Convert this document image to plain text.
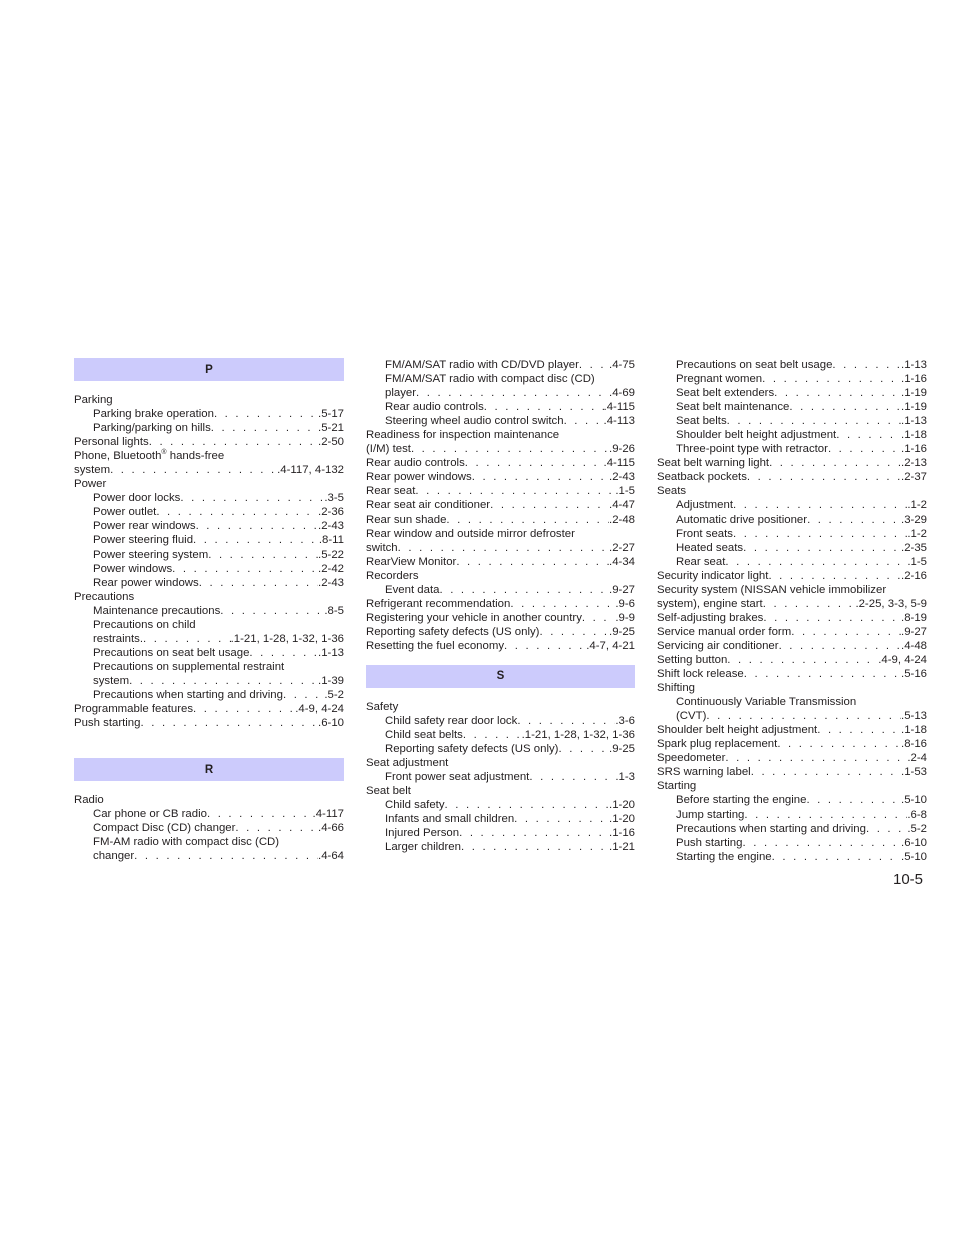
P
Parking
Parking brake operation . . .	.5-17
Parking/parking on hills . . .	.5-21
Personal lights . . .	.2-50
Phone, Bluetooth® hands-free
system . . .	.4-117, 4-132
Power
Power door locks . . .	.3-5
Power outlet . . .	.2-36
Power rear windows . . .	.2-43
Power steering fluid . . .	.8-11
Power steering system . . .	.5-22
Power windows . . .	.2-42
Rear power windows . . .	.2-43
Precautions
Maintenance precautions . . .	.8-5
Precautions on child
restraints. . . .	.1-21, 1-28, 1-32, 1-36
Precautions on seat belt usage . . .	.1-13
Precautions on supplemental restraint
system . . .	.1-39
Precautions when starting and driving . . .	.5-2
Programmable features . . .	.4-9, 4-24
Push starting . . .	.6-10
R
Radio
Car phone or CB radio . . .	.4-117
Compact Disc (CD) changer . . .	.4-66
FM-AM radio with compact disc (CD)
changer . . .	.4-64
FM/AM/SAT radio with CD/DVD player . . .	.4-75
FM/AM/SAT radio with compact disc (CD)
player . . .	.4-69
Rear audio controls . . .	.4-115
Steering wheel audio control switch . . .	.4-113
Readiness for inspection maintenance
(I/M) test . . .	.9-26
Rear audio controls . . .	.4-115
Rear power windows . . .	.2-43
Rear seat . . .	.1-5
Rear seat air conditioner . . .	.4-47
Rear sun shade . . .	.2-48
Rear window and outside mirror defroster
switch . . .	.2-27
RearView Monitor . . .	.4-34
Recorders
Event data . . .	.9-27
Refrigerant recommendation . . .	.9-6
Registering your vehicle in another country . . .	.9-9
Reporting safety defects (US only) . . .	.9-25
Resetting the fuel economy . . .	.4-7, 4-21
S
Safety
Child safety rear door lock . . .	.3-6
Child seat belts . . .	.1-21, 1-28, 1-32, 1-36
Reporting safety defects (US only) . . .	.9-25
Seat adjustment
Front power seat adjustment . . .	.1-3
Seat belt
Child safety . . .	.1-20
Infants and small children . . .	.1-20
Injured Person . . .	.1-16
Larger children . . .	.1-21
Precautions on seat belt usage . . .	.1-13
Pregnant women . . .	.1-16
Seat belt extenders . . .	.1-19
Seat belt maintenance . . .	.1-19
Seat belts . . .	.1-13
Shoulder belt height adjustment . . .	.1-18
Three-point type with retractor . . .	.1-16
Seat belt warning light . . .	.2-13
Seatback pockets . . .	.2-37
Seats
Adjustment . . .	.1-2
Automatic drive positioner . . .	.3-29
Front seats . . .	.1-2
Heated seats . . .	.2-35
Rear seat . . .	.1-5
Security indicator light . . .	.2-16
Security system (NISSAN vehicle immobilizer
system), engine start . . .	.2-25, 3-3, 5-9
Self-adjusting brakes . . .	.8-19
Service manual order form . . .	.9-27
Servicing air conditioner . . .	.4-48
Setting button . . .	.4-9, 4-24
Shift lock release . . .	.5-16
Shifting
Continuously Variable Transmission
(CVT) . . .	.5-13
Shoulder belt height adjustment . . .	.1-18
Spark plug replacement . . .	.8-16
Speedometer . . .	.2-4
SRS warning label . . .	.1-53
Starting
Before starting the engine . . .	.5-10
Jump starting . . .	.6-8
Precautions when starting and driving . . .	.5-2
Push starting . . .	.6-10
Starting the engine . . .	.5-10
10-5
